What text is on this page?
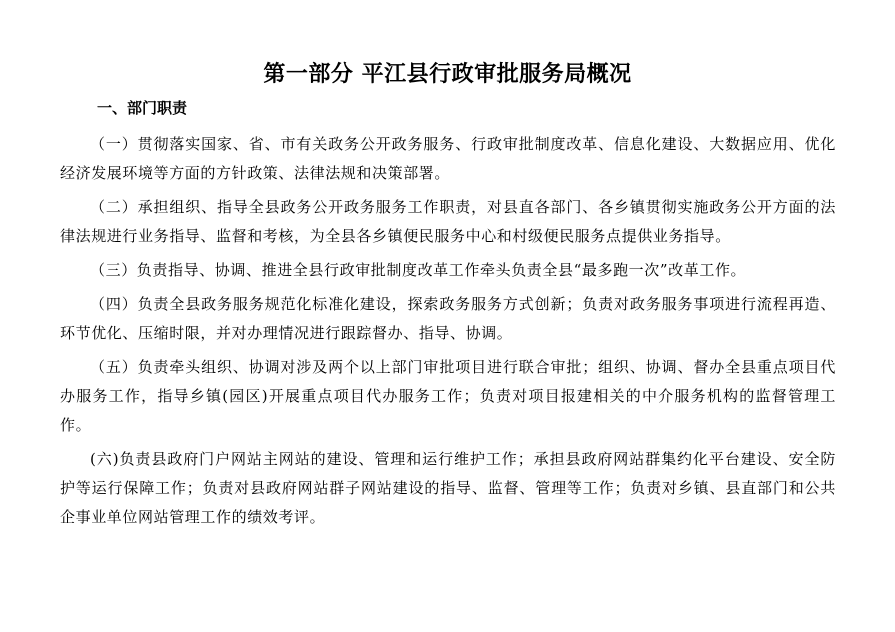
第一部分 平江县行政审批服务局概况
一、部门职责

（一）贯彻落实国家、省、市有关政务公开政务服务、行政审批制度改革、信息化建设、大数据应用、优化经济发展环境等方面的方针政策、法律法规和决策部署。

（二）承担组织、指导全县政务公开政务服务工作职责，对县直各部门、各乡镇贯彻实施政务公开方面的法律法规进行业务指导、监督和考核，为全县各乡镇便民服务中心和村级便民服务点提供业务指导。

（三）负责指导、协调、推进全县行政审批制度改革工作牵头负责全县“最多跑一次”改革工作。

（四）负责全县政务服务规范化标准化建设，探索政务服务方式创新；负责对政务服务事项进行流程再造、环节优化、压缩时限，并对办理情况进行跟踪督办、指导、协调。

（五）负责牵头组织、协调对涉及两个以上部门审批项目进行联合审批；组织、协调、督办全县重点项目代办服务工作，指导乡镇(园区)开展重点项目代办服务工作；负责对项目报建相关的中介服务机构的监督管理工作。

(六)负责县政府门户网站主网站的建设、管理和运行维护工作；承担县政府网站群集约化平台建设、安全防护等运行保障工作；负责对县政府网站群子网站建设的指导、监督、管理等工作；负责对乡镇、县直部门和公共企事业单位网站管理工作的绩效考评。
